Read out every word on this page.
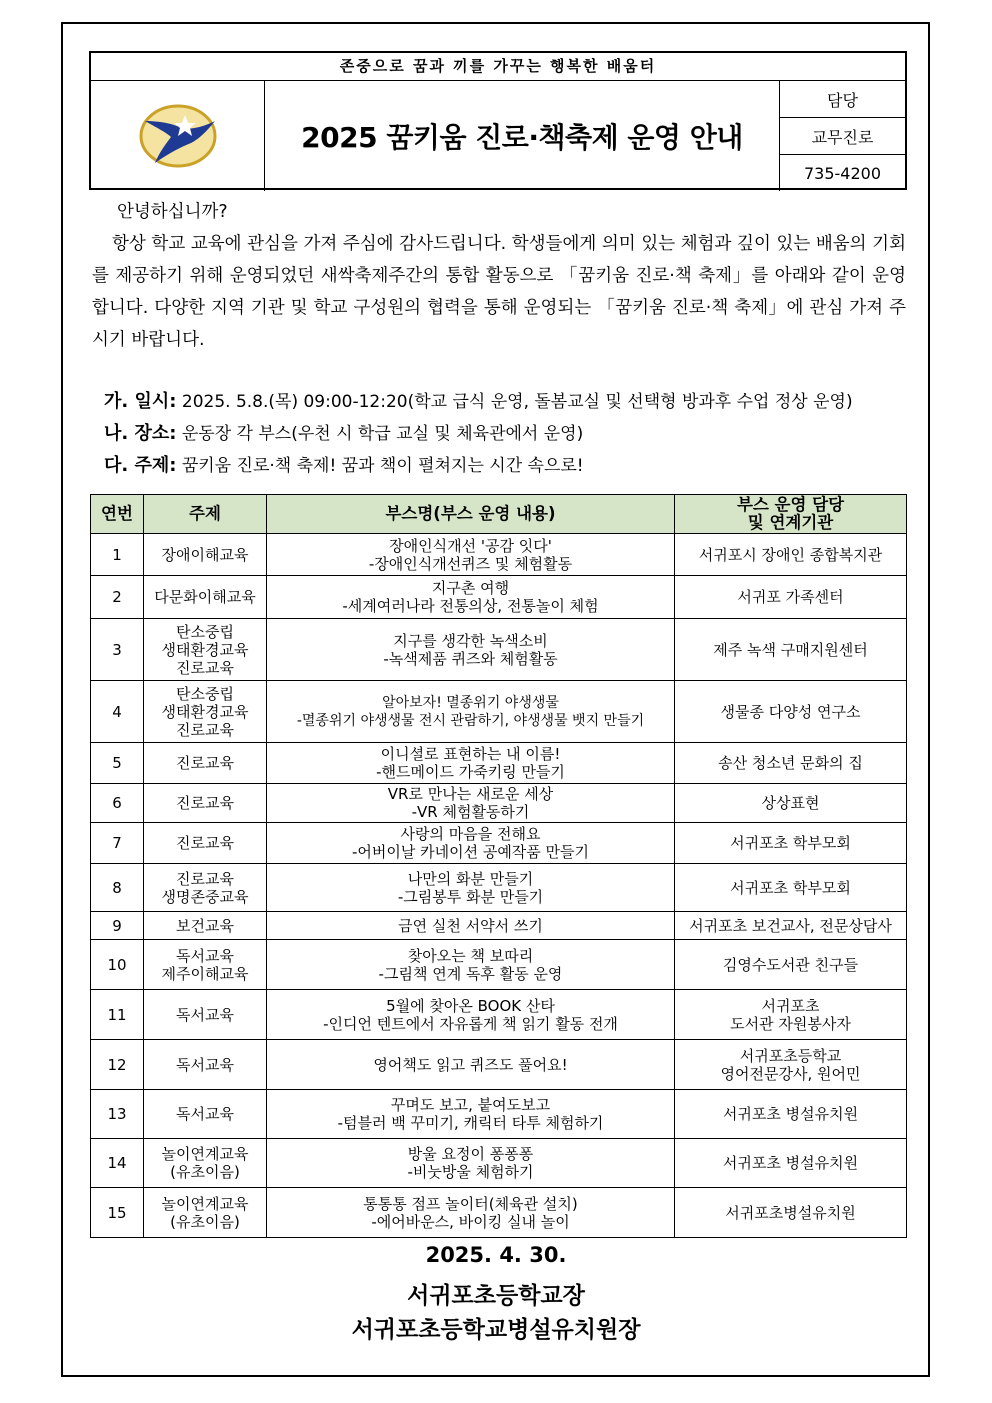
존중으로 꿈과 끼를 가꾸는 행복한 배움터
2025 꿈키움 진로·책축제 운영 안내
담당
교무진로
735-4200
안녕하십니까?
항상 학교 교육에 관심을 가져 주심에 감사드립니다. 학생들에게 의미 있는 체험과 깊이 있는 배움의 기회를 제공하기 위해 운영되었던 새싹축제주간의 통합 활동으로 「꿈키움 진로·책 축제」를 아래와 같이 운영합니다. 다양한 지역 기관 및 학교 구성원의 협력을 통해 운영되는 「꿈키움 진로·책 축제」에 관심 가져 주시기 바랍니다.
가. 일시: 2025. 5.8.(목) 09:00-12:20(학교 급식 운영, 돌봄교실 및 선택형 방과후 수업 정상 운영)
나. 장소: 운동장 각 부스(우천 시 학급 교실 및 체육관에서 운영)
다. 주제: 꿈키움 진로·책 축제! 꿈과 책이 펼쳐지는 시간 속으로!
연번	주제	부스명(부스 운영 내용)	부스 운영 담당
및 연계기관
1	장애이해교육	장애인식개선 '공감 잇다'
-장애인식개선퀴즈 및 체험활동	서귀포시 장애인 종합복지관
2	다문화이해교육	지구촌 여행
-세계여러나라 전통의상, 전통놀이 체험	서귀포 가족센터
3	탄소중립
생태환경교육
진로교육	지구를 생각한 녹색소비
-녹색제품 퀴즈와 체험활동	제주 녹색 구매지원센터
4	탄소중립
생태환경교육
진로교육	알아보자! 멸종위기 야생생물
-멸종위기 야생생물 전시 관람하기, 야생생물 뱃지 만들기	생물종 다양성 연구소
5	진로교육	이니셜로 표현하는 내 이름!
-핸드메이드 가죽키링 만들기	송산 청소년 문화의 집
6	진로교육	VR로 만나는 새로운 세상
-VR 체험활동하기	상상표현
7	진로교육	사랑의 마음을 전해요
-어버이날 카네이션 공예작품 만들기	서귀포초 학부모회
8	진로교육
생명존중교육	나만의 화분 만들기
-그림봉투 화분 만들기	서귀포초 학부모회
9	보건교육	금연 실천 서약서 쓰기	서귀포초 보건교사, 전문상담사
10	독서교육
제주이해교육	찾아오는 책 보따리
-그림책 연계 독후 활동 운영	김영수도서관 친구들
11	독서교육	5월에 찾아온 BOOK 산타
-인디언 텐트에서 자유롭게 책 읽기 활동 전개	서귀포초
도서관 자원봉사자
12	독서교육	영어책도 읽고 퀴즈도 풀어요!	서귀포초등학교
영어전문강사, 원어민
13	독서교육	꾸며도 보고, 붙여도보고
-텀블러 백 꾸미기, 캐릭터 타투 체험하기	서귀포초 병설유치원
14	놀이연계교육
(유초이음)	방울 요정이 퐁퐁퐁
-비눗방울 체험하기	서귀포초 병설유치원
15	놀이연계교육
(유초이음)	통통통 점프 놀이터(체육관 설치)
-에어바운스, 바이킹 실내 놀이	서귀포초병설유치원
2025. 4. 30.
서귀포초등학교장
서귀포초등학교병설유치원장
